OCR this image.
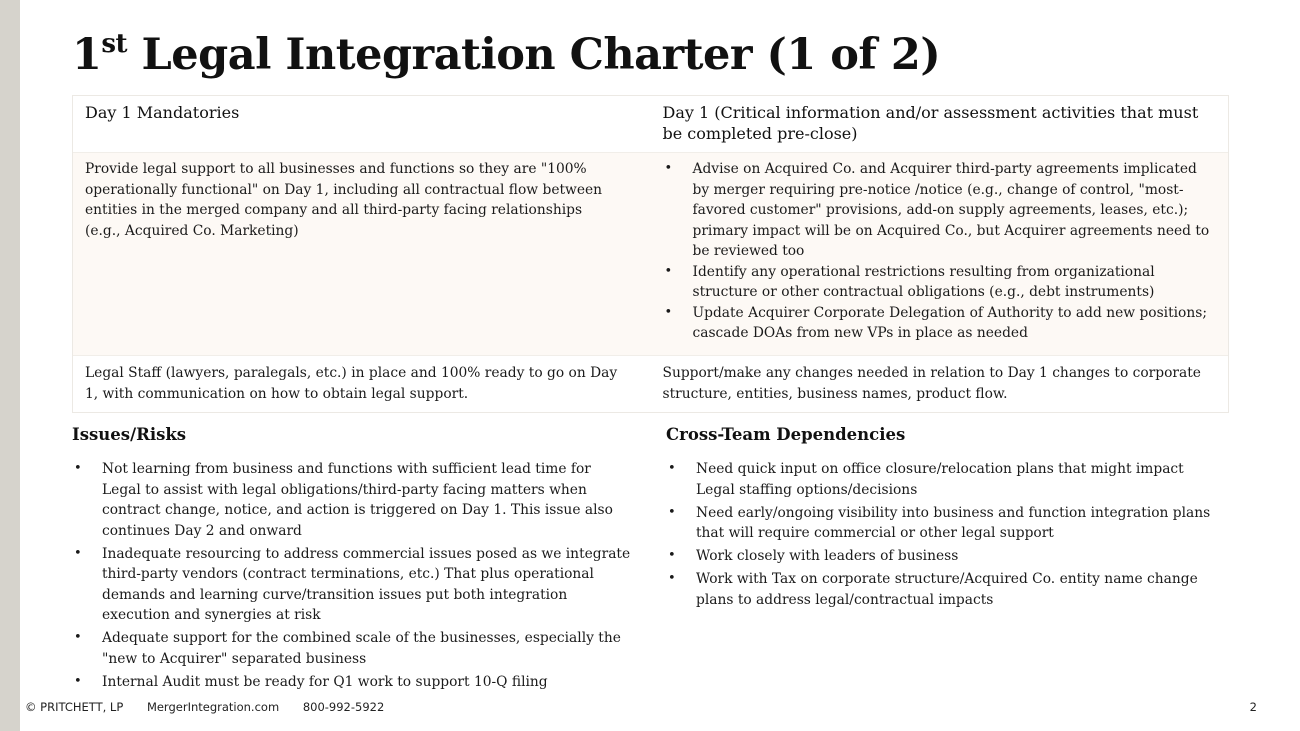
1st Legal Integration Charter (1 of 2)
Day 1 Mandatories	Day 1 (Critical information and/or assessment activities that must be completed pre-close)
Provide legal support to all businesses and functions so they are "100% operationally functional" on Day 1, including all contractual flow between entities in the merged company and all third-party facing relationships (e.g., Acquired Co. Marketing)
• Advise on Acquired Co. and Acquirer third-party agreements implicated by merger requiring pre-notice /notice (e.g., change of control, "most-favored customer" provisions, add-on supply agreements, leases, etc.); primary impact will be on Acquired Co., but Acquirer agreements need to be reviewed too
• Identify any operational restrictions resulting from organizational structure or other contractual obligations (e.g., debt instruments)
• Update Acquirer Corporate Delegation of Authority to add new positions; cascade DOAs from new VPs in place as needed
Legal Staff (lawyers, paralegals, etc.) in place and 100% ready to go on Day 1, with communication on how to obtain legal support.
Support/make any changes needed in relation to Day 1 changes to corporate structure, entities, business names, product flow.
Issues/Risks
• Not learning from business and functions with sufficient lead time for Legal to assist with legal obligations/third-party facing matters when contract change, notice, and action is triggered on Day 1. This issue also continues Day 2 and onward
• Inadequate resourcing to address commercial issues posed as we integrate third-party vendors (contract terminations, etc.) That plus operational demands and learning curve/transition issues put both integration execution and synergies at risk
• Adequate support for the combined scale of the businesses, especially the "new to Acquirer" separated business
• Internal Audit must be ready for Q1 work to support 10-Q filing
Cross-Team Dependencies
• Need quick input on office closure/relocation plans that might impact Legal staffing options/decisions
• Need early/ongoing visibility into business and function integration plans that will require commercial or other legal support
• Work closely with leaders of business
• Work with Tax on corporate structure/Acquired Co. entity name change plans to address legal/contractual impacts
© PRITCHETT, LP MergerIntegration.com 800-992-5922	2
